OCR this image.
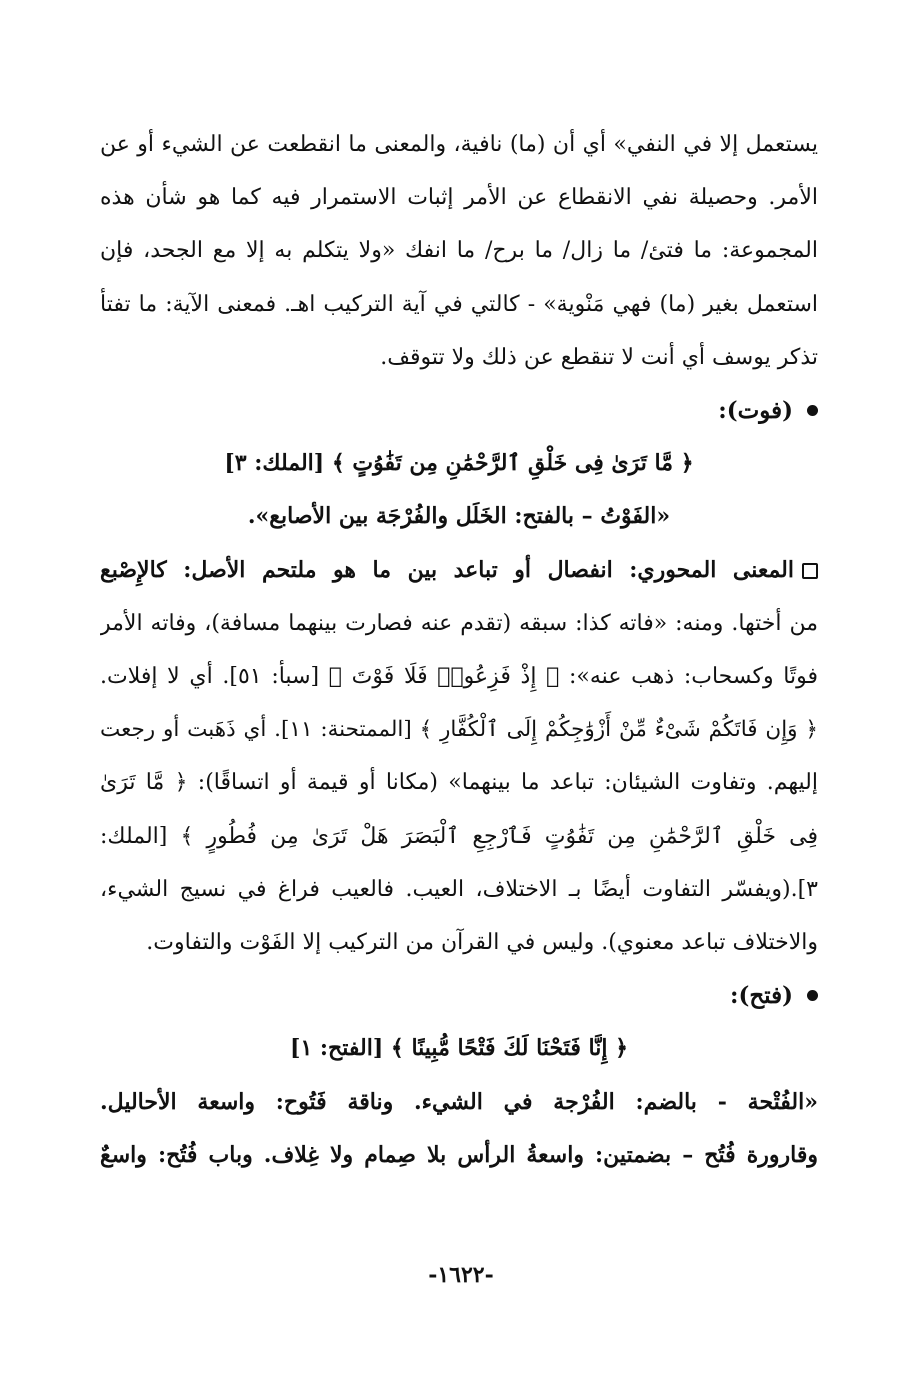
يستعمل إلا في النفي» أي أن (ما) نافية، والمعنى ما انقطعت عن الشيء أو عن
الأمر. وحصيلة نفي الانقطاع عن الأمر إثبات الاستمرار فيه كما هو شأن هذه
المجموعة: ما فتئ/ ما زال/ ما برح/ ما انفك «ولا يتكلم به إلا مع الجحد، فإن
استعمل بغير (ما) فهي مَنْوية» - كالتي في آية التركيب اهـ. فمعنى الآية: ما تفتأ
تذكر يوسف أي أنت لا تنقطع عن ذلك ولا تتوقف.
(فوت):
﴿ مَّا تَرَىٰ فِى خَلْقِ ٱلرَّحْمَٰنِ مِن تَفَٰوُتٍ ﴾ [الملك: ٣]
«الفَوْتُ – بالفتح: الخَلَل والفُرْجَة بين الأصابع».
المعنى المحوري: انفصال أو تباعد بين ما هو ملتحم الأصل: كالإِصْبع
من أختها. ومنه: «فاته كذا: سبقه (تقدم عنه فصارت بينهما مسافة)، وفاته الأمر
فوتًا وكسحاب: ذهب عنه»: ﴿ إِذْ فَزِعُوا۟ فَلَا فَوْتَ ﴾ [سبأ: ٥١]. أي لا إفلات.
﴿ وَإِن فَاتَكُمْ شَىْءٌ مِّنْ أَزْوَٰجِكُمْ إِلَى ٱلْكُفَّارِ ﴾ [الممتحنة: ١١]. أي ذَهَبت أو رجعت
إليهم. وتفاوت الشيئان: تباعد ما بينهما» (مكانا أو قيمة أو اتساقًا): ﴿ مَّا تَرَىٰ
فِى خَلْقِ ٱلرَّحْمَٰنِ مِن تَفَٰوُتٍ فَٱرْجِعِ ٱلْبَصَرَ هَلْ تَرَىٰ مِن فُطُورٍ ﴾ [الملك:
٣].(ويفسّر التفاوت أيضًا بـ الاختلاف، العيب. فالعيب فراغ في نسيج الشيء،
والاختلاف تباعد معنوي). وليس في القرآن من التركيب إلا الفَوْت والتفاوت.
(فتح):
﴿ إِنَّا فَتَحْنَا لَكَ فَتْحًا مُّبِينًا ﴾ [الفتح: ١]
«الفُتْحة - بالضم: الفُرْجة في الشيء. وناقة فَتُوح: واسعة الأحاليل.
وقارورة فُتُح – بضمتين: واسعةُ الرأس بلا صِمام ولا غِلاف. وباب فُتُح: واسعٌ
-١٦٢٢-
